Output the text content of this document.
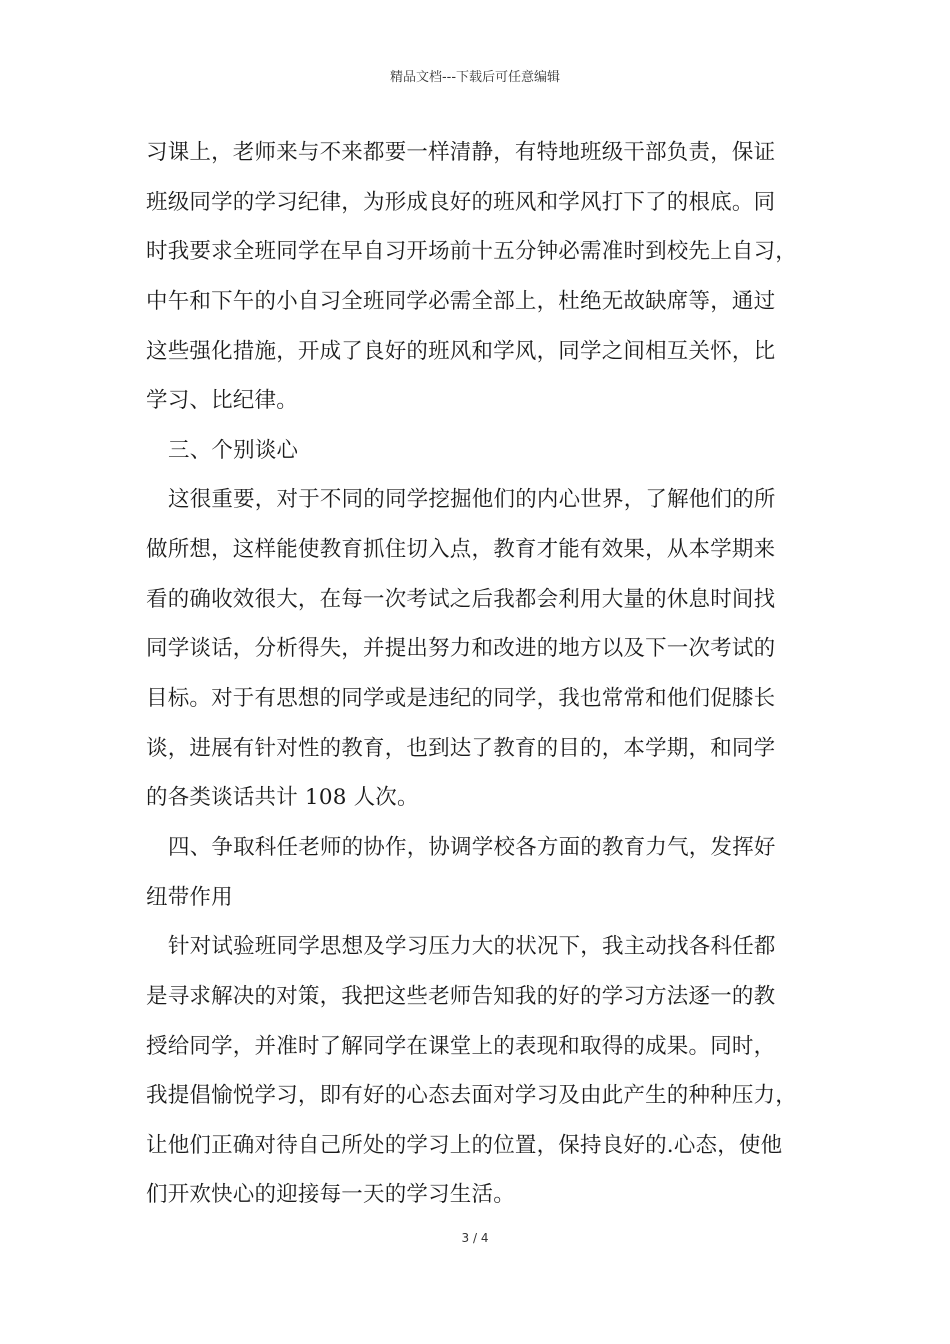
精品文档---下载后可任意编辑
习课上，老师来与不来都要一样清静，有特地班级干部负责，保证
班级同学的学习纪律，为形成良好的班风和学风打下了的根底。同
时我要求全班同学在早自习开场前十五分钟必需准时到校先上自习，
中午和下午的小自习全班同学必需全部上，杜绝无故缺席等，通过
这些强化措施，开成了良好的班风和学风，同学之间相互关怀，比
学习、比纪律。
三、个别谈心
这很重要，对于不同的同学挖掘他们的内心世界，了解他们的所
做所想，这样能使教育抓住切入点，教育才能有效果，从本学期来
看的确收效很大，在每一次考试之后我都会利用大量的休息时间找
同学谈话，分析得失，并提出努力和改进的地方以及下一次考试的
目标。对于有思想的同学或是违纪的同学，我也常常和他们促膝长
谈，进展有针对性的教育，也到达了教育的目的，本学期，和同学
的各类谈话共计 108 人次。
四、争取科任老师的协作，协调学校各方面的教育力气，发挥好
纽带作用
针对试验班同学思想及学习压力大的状况下，我主动找各科任都
是寻求解决的对策，我把这些老师告知我的好的学习方法逐一的教
授给同学，并准时了解同学在课堂上的表现和取得的成果。同时，
我提倡愉悦学习，即有好的心态去面对学习及由此产生的种种压力，
让他们正确对待自己所处的学习上的位置，保持良好的.心态，使他
们开欢快心的迎接每一天的学习生活。
3 / 4
